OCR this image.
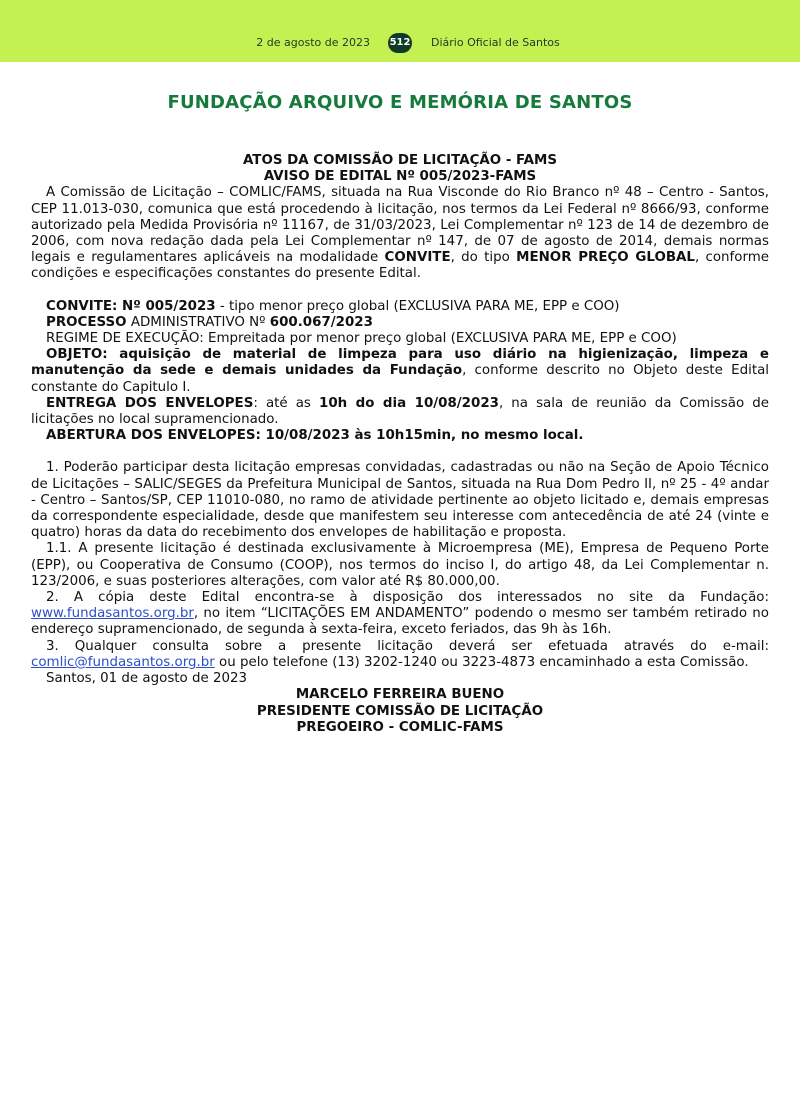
2 de agosto de 2023 512 Diário Oficial de Santos
FUNDAÇÃO ARQUIVO E MEMÓRIA DE SANTOS
ATOS DA COMISSÃO DE LICITAÇÃO - FAMS
AVISO DE EDITAL Nº 005/2023-FAMS

A Comissão de Licitação – COMLIC/FAMS, situada na Rua Visconde do Rio Branco nº 48 – Centro - Santos, CEP 11.013-030, comunica que está procedendo à licitação, nos termos da Lei Federal nº 8666/93, conforme autorizado pela Medida Provisória nº 11167, de 31/03/2023, Lei Complementar nº 123 de 14 de dezembro de 2006, com nova redação dada pela Lei Complementar nº 147, de 07 de agosto de 2014, demais normas legais e regulamentares aplicáveis na modalidade CONVITE, do tipo MENOR PREÇO GLOBAL, conforme condições e especificações constantes do presente Edital.

CONVITE: Nº 005/2023 - tipo menor preço global (EXCLUSIVA PARA ME, EPP e COO)

PROCESSO ADMINISTRATIVO Nº 600.067/2023

REGIME DE EXECUÇÃO: Empreitada por menor preço global (EXCLUSIVA PARA ME, EPP e COO)

OBJETO: aquisição de material de limpeza para uso diário na higienização, limpeza e manutenção da sede e demais unidades da Fundação, conforme descrito no Objeto deste Edital constante do Capitulo I.

ENTREGA DOS ENVELOPES: até as 10h do dia 10/08/2023, na sala de reunião da Comissão de licitações no local supramencionado.

ABERTURA DOS ENVELOPES: 10/08/2023 às 10h15min, no mesmo local.

1. Poderão participar desta licitação empresas convidadas, cadastradas ou não na Seção de Apoio Técnico de Licitações – SALIC/SEGES da Prefeitura Municipal de Santos, situada na Rua Dom Pedro II, nº 25 - 4º andar - Centro – Santos/SP, CEP 11010-080, no ramo de atividade pertinente ao objeto licitado e, demais empresas da correspondente especialidade, desde que manifestem seu interesse com antecedência de até 24 (vinte e quatro) horas da data do recebimento dos envelopes de habilitação e proposta.

1.1. A presente licitação é destinada exclusivamente à Microempresa (ME), Empresa de Pequeno Porte (EPP), ou Cooperativa de Consumo (COOP), nos termos do inciso I, do artigo 48, da Lei Complementar n. 123/2006, e suas posteriores alterações, com valor até R$ 80.000,00.

2. A cópia deste Edital encontra-se à disposição dos interessados no site da Fundação: www.fundasantos.org.br, no item “LICITAÇÕES EM ANDAMENTO” podendo o mesmo ser também retirado no endereço supramencionado, de segunda à sexta-feira, exceto feriados, das 9h às 16h.

3. Qualquer consulta sobre a presente licitação deverá ser efetuada através do e-mail: comlic@fundasantos.org.br ou pelo telefone (13) 3202-1240 ou 3223-4873 encaminhado a esta Comissão.

Santos, 01 de agosto de 2023

MARCELO FERREIRA BUENO
PRESIDENTE COMISSÃO DE LICITAÇÃO
PREGOEIRO - COMLIC-FAMS
